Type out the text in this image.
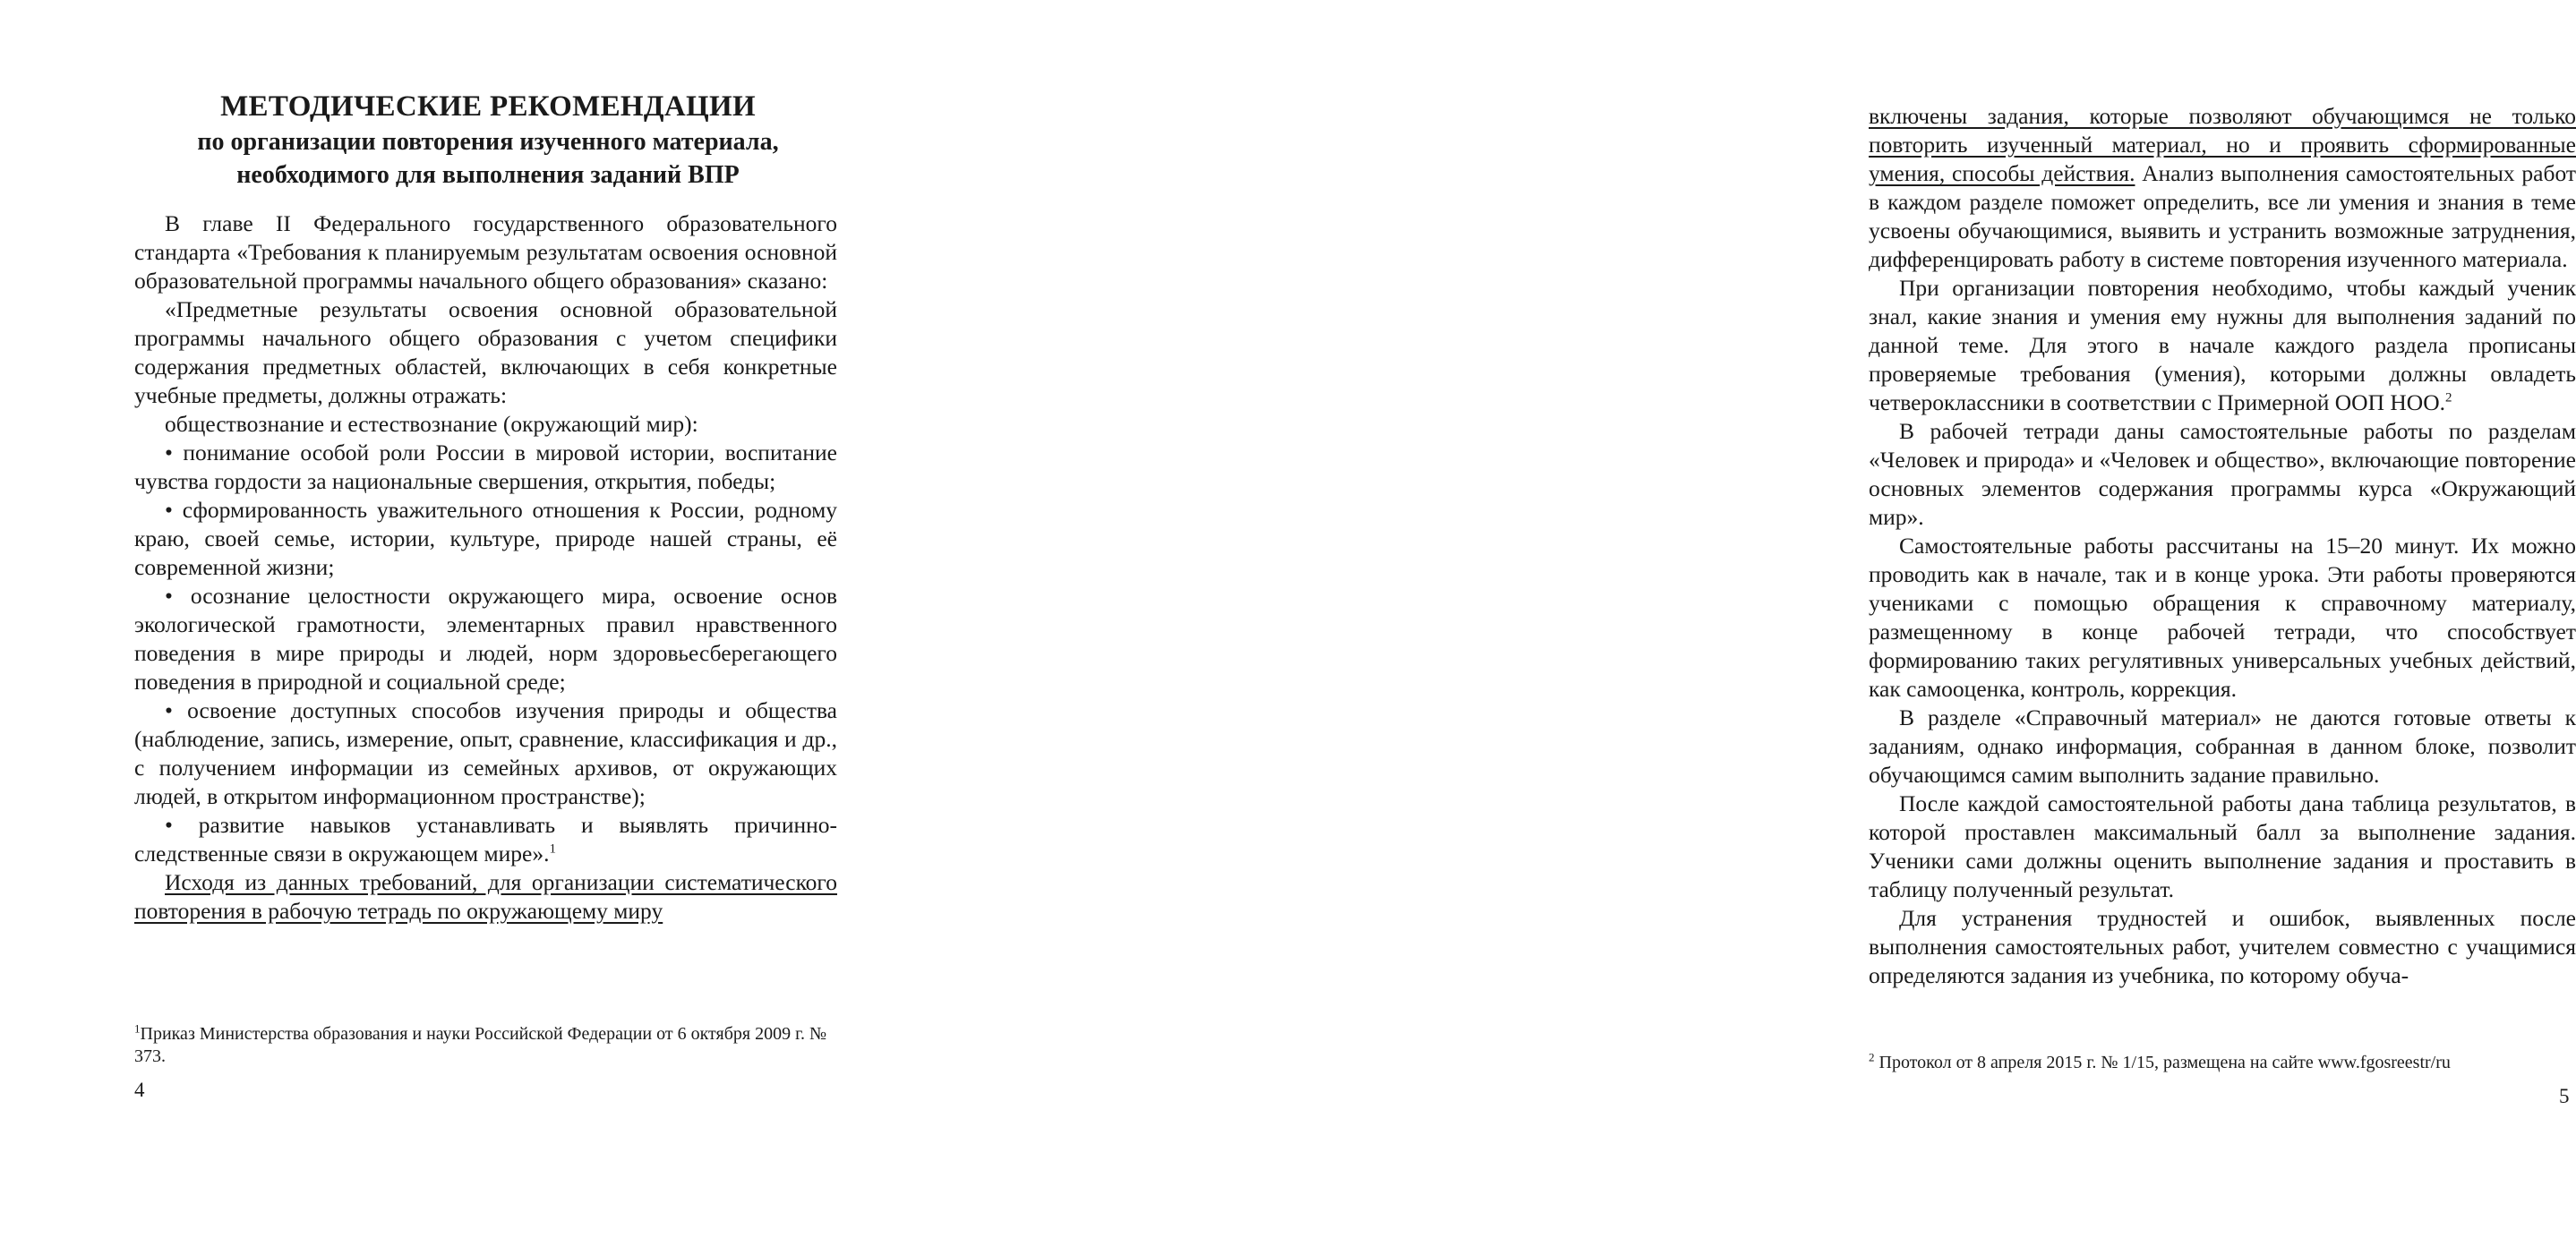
МЕТОДИЧЕСКИЕ РЕКОМЕНДАЦИИ
по организации повторения изученного материала,
необходимого для выполнения заданий ВПР

В главе II Федерального государственного образовательного стандарта «Требования к планируемым результатам освоения основной образовательной программы начального общего образования» сказано:

«Предметные результаты освоения основной образовательной программы начального общего образования с учетом специфики содержания предметных областей, включающих в себя конкретные учебные предметы, должны отражать:

обществознание и естествознание (окружающий мир):

• понимание особой роли России в мировой истории, воспитание чувства гордости за национальные свершения, открытия, победы;

• сформированность уважительного отношения к России, родному краю, своей семье, истории, культуре, природе нашей страны, её современной жизни;

• осознание целостности окружающего мира, освоение основ экологической грамотности, элементарных правил нравственного поведения в мире природы и людей, норм здоровьесберегающего поведения в природной и социальной среде;

• освоение доступных способов изучения природы и общества (наблюдение, запись, измерение, опыт, сравнение, классификация и др., с получением информации из семейных архивов, от окружающих людей, в открытом информационном пространстве);

• развитие навыков устанавливать и выявлять причинно-следственные связи в окружающем мире».$^1$

Исходя из данных требований, для организации систематического повторения в рабочую тетрадь по окружающему миру

$^1$Приказ Министерства образования и науки Российской Федерации от 6 октября 2009 г. № 373.
4

включены задания, которые позволяют обучающимся не только повторить изученный материал, но и проявить сформированные умения, способы действия. Анализ выполнения самостоятельных работ в каждом разделе поможет определить, все ли умения и знания в теме усвоены обучающимися, выявить и устранить возможные затруднения, дифференцировать работу в системе повторения изученного материала.

При организации повторения необходимо, чтобы каждый ученик знал, какие знания и умения ему нужны для выполнения заданий по данной теме. Для этого в начале каждого раздела прописаны проверяемые требования (умения), которыми должны овладеть четвероклассники в соответствии с Примерной ООП НОО.$^2$

В рабочей тетради даны самостоятельные работы по разделам «Человек и природа» и «Человек и общество», включающие повторение основных элементов содержания программы курса «Окружающий мир».

Самостоятельные работы рассчитаны на 15–20 минут. Их можно проводить как в начале, так и в конце урока. Эти работы проверяются учениками с помощью обращения к справочному материалу, размещенному в конце рабочей тетради, что способствует формированию таких регулятивных универсальных учебных действий, как самооценка, контроль, коррекция.

В разделе «Справочный материал» не даются готовые ответы к заданиям, однако информация, собранная в данном блоке, позволит обучающимся самим выполнить задание правильно.

После каждой самостоятельной работы дана таблица результатов, в которой проставлен максимальный балл за выполнение задания. Ученики сами должны оценить выполнение задания и проставить в таблицу полученный результат.

Для устранения трудностей и ошибок, выявленных после выполнения самостоятельных работ, учителем совместно с учащимися определяются задания из учебника, по которому обуча-

$^2$ Протокол от 8 апреля 2015 г. № 1/15, размещена на сайте www.fgosreestr/ru
5
